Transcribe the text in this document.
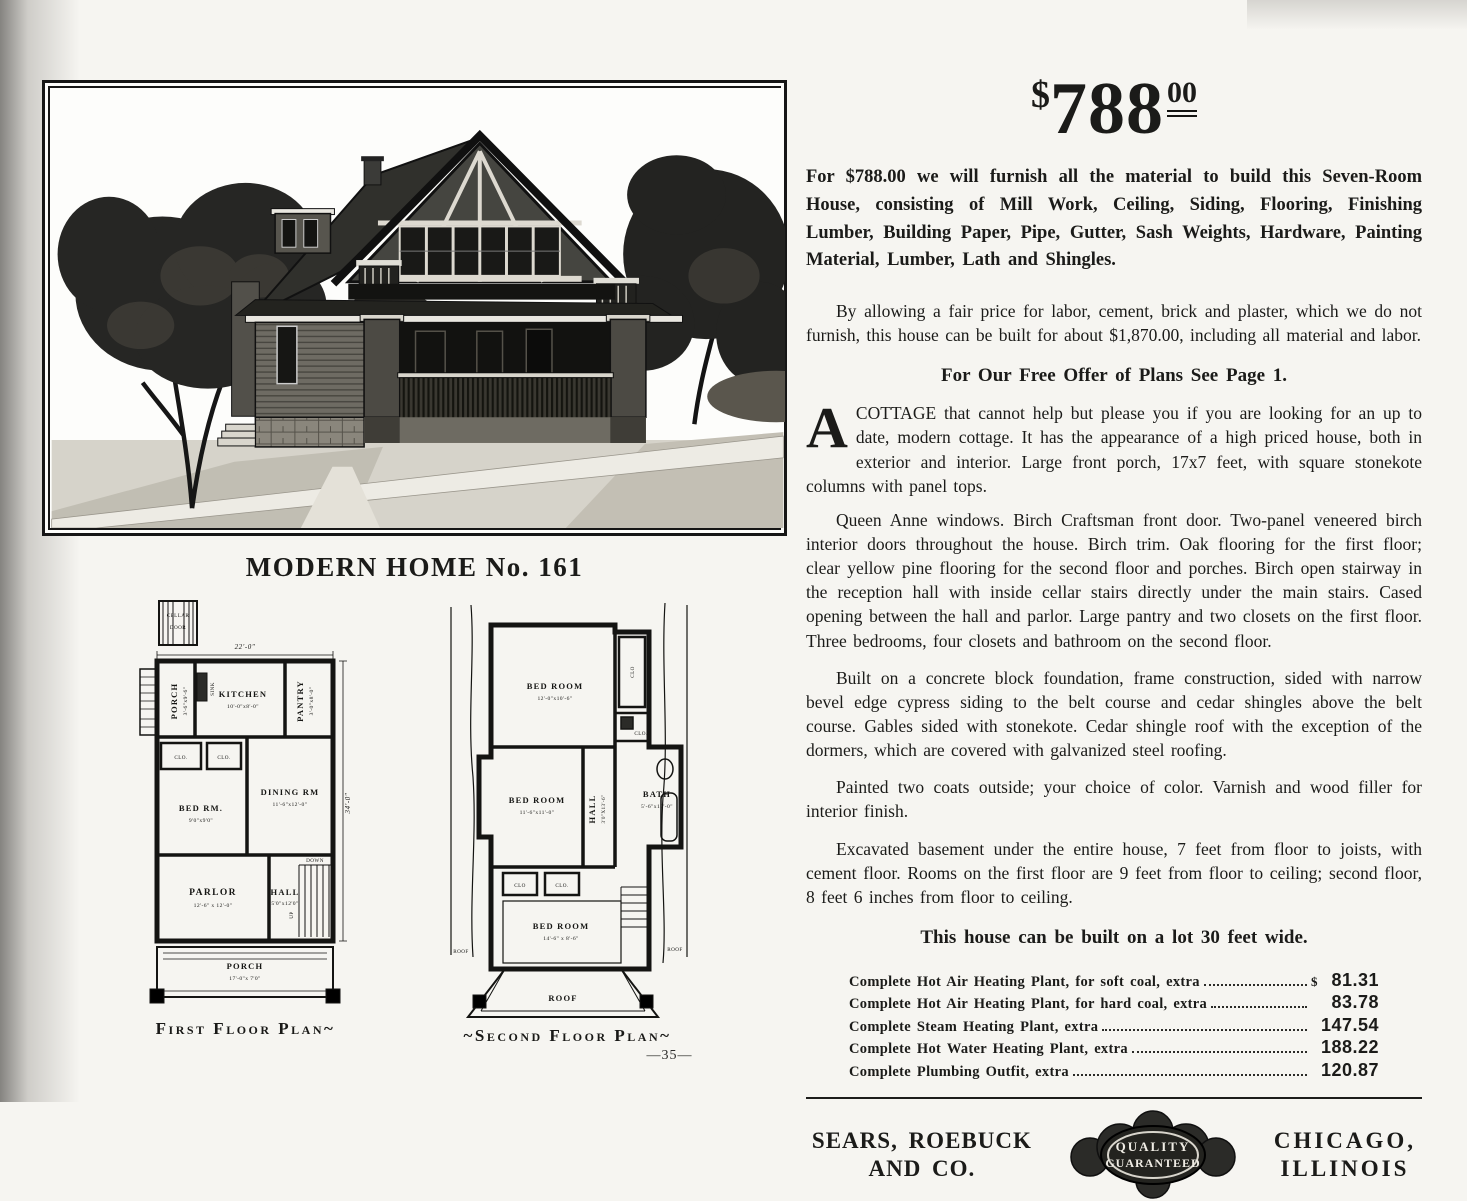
MODERN HOME No. 161
22'-0"
CELLAR
DOOR
PORCH 3'-6"x9'-6"	SINK KITCHEN
10'-0"x8'-0"	PANTRY 3'-0"x8'-0"
CLO.	CLO.
BED RM.
9'0"x9'0"
DINING RM
11'-6"x12'-0"
PARLOR
12'-6" x 12'-0"
HALL
5'0"x12'0"
DOWN
UP
PORCH
17'-0"x 7'0"
34'-0"
First Floor Plan~
BED ROOM
12'-0"x10'-6"
CLO
CLO.
BED ROOM
11'-6"x11'-0"	HALL 3'0"X13'-6"
BATH
5'-6"x10'-0"
CLO	CLO.
BED ROOM
14'-6" x 8'-6"
ROOF	ROOF
ROOF
~Second Floor Plan~
—35—
$ 788 00

For $788.00 we will furnish all the material to build this Seven-Room House, consisting of Mill Work, Ceiling, Siding, Flooring, Finishing Lumber, Building Paper, Pipe, Gutter, Sash Weights, Hardware, Painting Material, Lumber, Lath and Shingles.

By allowing a fair price for labor, cement, brick and plaster, which we do not furnish, this house can be built for about $1,870.00, including all material and labor.

For Our Free Offer of Plans See Page 1.

ACOTTAGE that cannot help but please you if you are looking for an up to date, modern cottage. It has the appearance of a high priced house, both in exterior and interior. Large front porch, 17x7 feet, with square stonekote columns with panel tops.

Queen Anne windows. Birch Craftsman front door. Two-panel veneered birch interior doors throughout the house. Birch trim. Oak flooring for the first floor; clear yellow pine flooring for the second floor and porches. Birch open stairway in the reception hall with inside cellar stairs directly under the main stairs. Cased opening between the hall and parlor. Large pantry and two closets on the first floor. Three bedrooms, four closets and bathroom on the second floor.

Built on a concrete block foundation, frame construction, sided with narrow bevel edge cypress siding to the belt course and cedar shingles above the belt course. Gables sided with stonekote. Cedar shingle roof with the exception of the dormers, which are covered with galvanized steel roofing.

Painted two coats outside; your choice of color. Varnish and wood filler for interior finish.

Excavated basement under the entire house, 7 feet from floor to joists, with cement floor. Rooms on the first floor are 9 feet from floor to ceiling; second floor, 8 feet 6 inches from floor to ceiling.

This house can be built on a lot 30 feet wide.
Complete Hot Air Heating Plant, for soft coal, extra	$ 81.31
Complete Hot Air Heating Plant, for hard coal, extra	83.78
Complete Steam Heating Plant, extra	147.54
Complete Hot Water Heating Plant, extra	188.22
Complete Plumbing Outfit, extra	120.87
SEARS, ROEBUCK
AND CO.
QUALITY
GUARANTEED
CHICAGO,
ILLINOIS
